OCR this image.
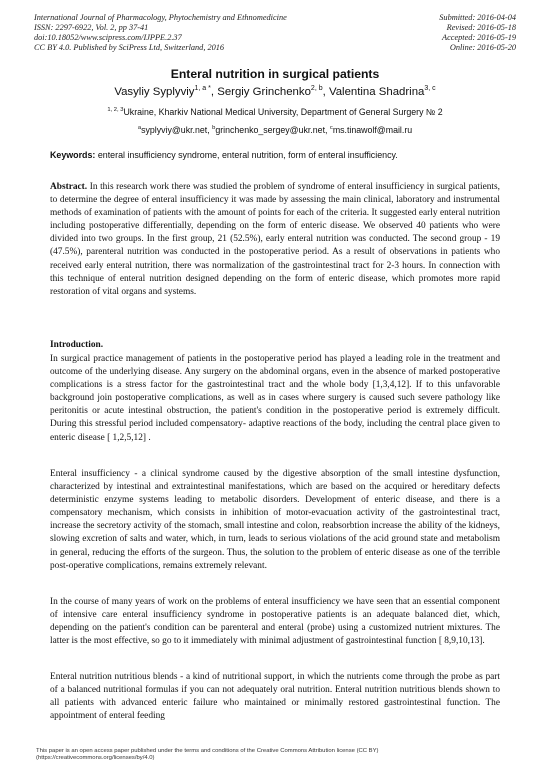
International Journal of Pharmacology, Phytochemistry and Ethnomedicine	Submitted: 2016-04-04
ISSN: 2297-6922, Vol. 2, pp 37-41	Revised: 2016-05-18
doi:10.18052/www.scipress.com/IJPPE.2.37	Accepted: 2016-05-19
CC BY 4.0. Published by SciPress Ltd, Switzerland, 2016	Online: 2016-05-20
Enteral nutrition in surgical patients
Vasyliy Syplyviy$^{1, a *}$, Sergiy Grinchenko$^{2, b}$, Valentina Shadrina$^{3, c}$
$^{1, 2, 3}$Ukraine, Kharkiv National Medical University, Department of General Surgery № 2
$^a$syplyviy@ukr.net, $^b$grinchenko_sergey@ukr.net, $^c$ms.tinawolf@mail.ru
Keywords: enteral insufficiency syndrome, enteral nutrition, form of enteral insufficiency.
Abstract. In this research work there was studied the problem of syndrome of enteral insufficiency in surgical patients, to determine the degree of enteral insufficiency it was made by assessing the main clinical, laboratory and instrumental methods of examination of patients with the amount of points for each of the criteria. It suggested early enteral nutrition including postoperative differentially, depending on the form of enteric disease. We observed 40 patients who were divided into two groups. In the first group, 21 (52.5%), early enteral nutrition was conducted. The second group - 19 (47.5%), parenteral nutrition was conducted in the postoperative period. As a result of observations in patients who received early enteral nutrition, there was normalization of the gastrointestinal tract for 2-3 hours. In connection with this technique of enteral nutrition designed depending on the form of enteric disease, which promotes more rapid restoration of vital organs and systems.
Introduction.
In surgical practice management of patients in the postoperative period has played a leading role in the treatment and outcome of the underlying disease. Any surgery on the abdominal organs, even in the absence of marked postoperative complications is a stress factor for the gastrointestinal tract and the whole body [1,3,4,12]. If to this unfavorable background join postoperative complications, as well as in cases where surgery is caused such severe pathology like peritonitis or acute intestinal obstruction, the patient's condition in the postoperative period is extremely difficult. During this stressful period included compensatory- adaptive reactions of the body, including the central place given to enteric disease [ 1,2,5,12] .
Enteral insufficiency - a clinical syndrome caused by the digestive absorption of the small intestine dysfunction, characterized by intestinal and extraintestinal manifestations, which are based on the acquired or hereditary defects deterministic enzyme systems leading to metabolic disorders. Development of enteric disease, and there is a compensatory mechanism, which consists in inhibition of motor-evacuation activity of the gastrointestinal tract, increase the secretory activity of the stomach, small intestine and colon, reabsorbtion increase the ability of the kidneys, slowing excretion of salts and water, which, in turn, leads to serious violations of the acid ground state and metabolism in general, reducing the efforts of the surgeon. Thus, the solution to the problem of enteric disease as one of the terrible post-operative complications, remains extremely relevant.
In the course of many years of work on the problems of enteral insufficiency we have seen that an essential component of intensive care enteral insufficiency syndrome in postoperative patients is an adequate balanced diet, which, depending on the patient's condition can be parenteral and enteral (probe) using a customized nutrient mixtures. The latter is the most effective, so go to it immediately with minimal adjustment of gastrointestinal function [ 8,9,10,13].
Enteral nutrition nutritious blends - a kind of nutritional support, in which the nutrients come through the probe as part of a balanced nutritional formulas if you can not adequately oral nutrition. Enteral nutrition nutritious blends shown to all patients with advanced enteric failure who maintained or minimally restored gastrointestinal function. The appointment of enteral feeding
This paper is an open access paper published under the terms and conditions of the Creative Commons Attribution license (CC BY)
(https://creativecommons.org/licenses/by/4.0)
